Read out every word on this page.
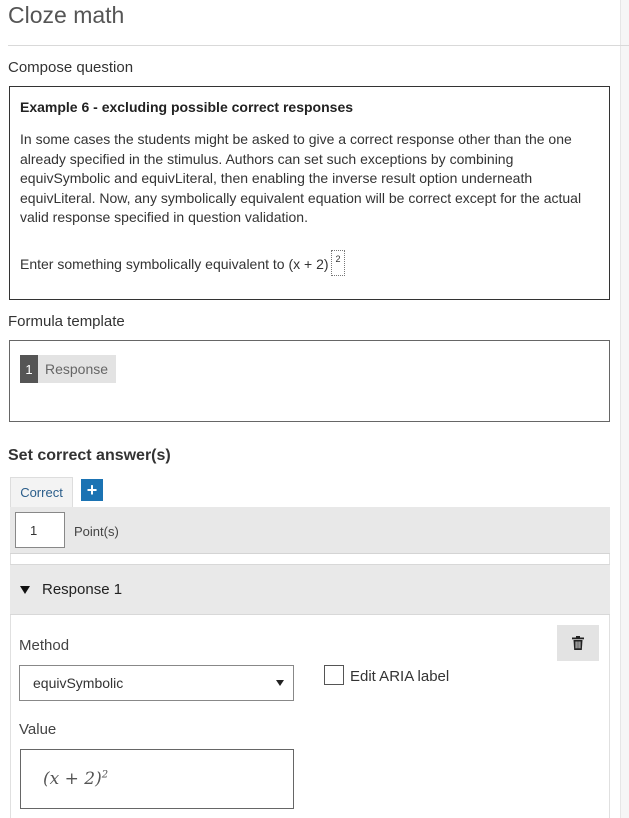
Cloze math
Compose question

Example 6 - excluding possible correct responses

In some cases the students might be asked to give a correct response other than the one already specified in the stimulus. Authors can set such exceptions by combining equivSymbolic and equivLiteral, then enabling the inverse result option underneath equivLiteral. Now, any symbolically equivalent equation will be correct except for the actual valid response specified in question validation.

Enter something symbolically equivalent to (x + 2) 2
Formula template
1 Response
Set correct answer(s)
Correct	+
1	Point(s)
Response 1
Method
equivSymbolic	Edit ARIA label
Value
$(x + 2)^2$
